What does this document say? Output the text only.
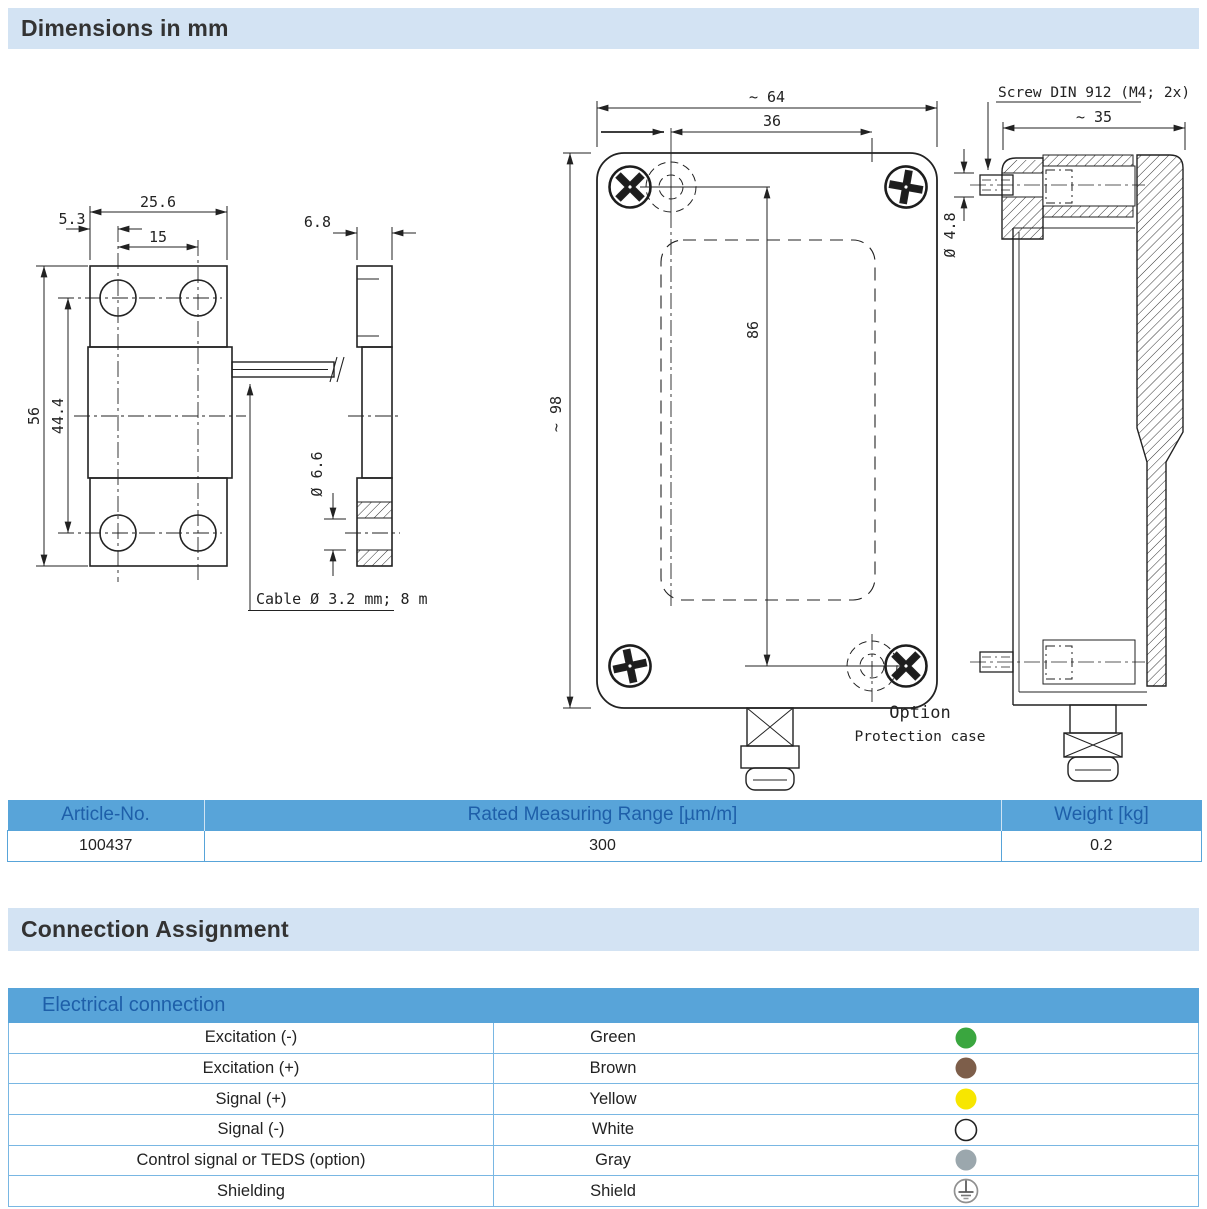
Dimensions in mm
25.6
5.3
15
56 44.4
Cable Ø 3.2 mm; 8 m
6.8
Ø 6.6
~ 64
36
86
~ 98
Option
Protection case
Screw DIN 912 (M4; 2x)
~ 35
Ø 4.8
Article-No.	Rated Measuring Range [µm/m]	Weight [kg]
100437	300	0.2
Connection Assignment
Electrical connection
Excitation (-)	Green
Excitation (+)	Brown
Signal (+)	Yellow
Signal (-)	White
Control signal or TEDS (option)	Gray
Shielding	Shield
